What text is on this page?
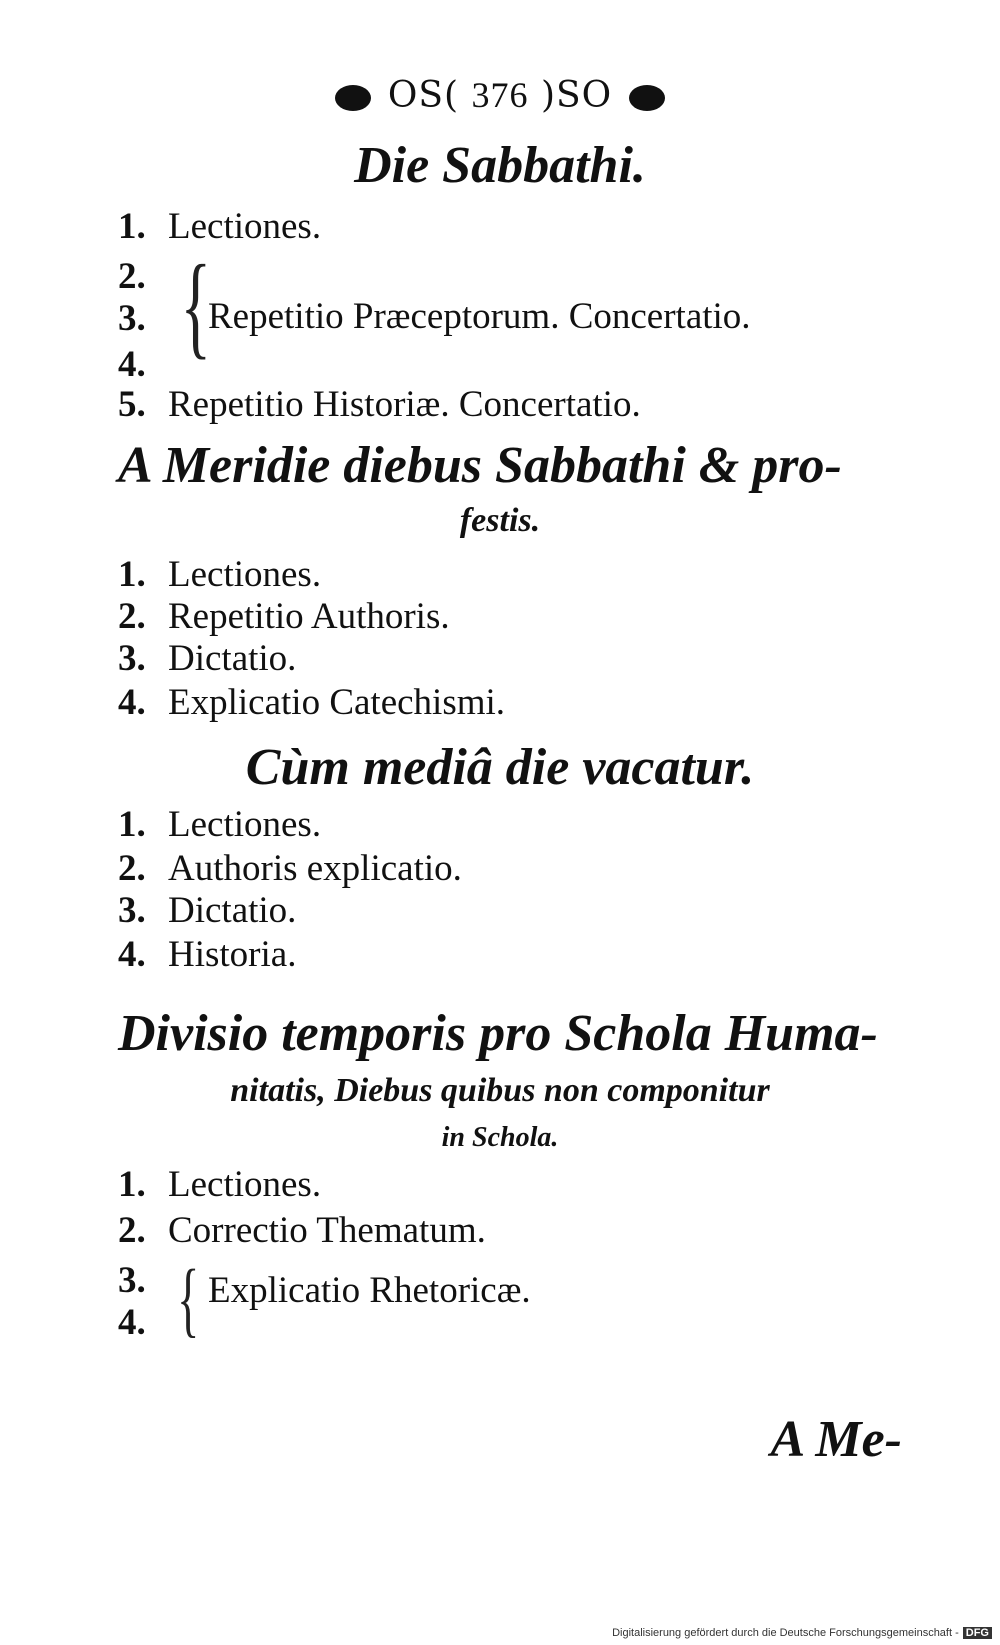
OS( 376 )SO
Die Sabbathi.
1. Lectiones.
2.
3.
4. {
Repetitio Præceptorum. Concertatio.
5. Repetitio Historiæ. Concertatio.
A Meridie diebus Sabbathi & pro-
festis.
1. Lectiones.
2. Repetitio Authoris.
3. Dictatio.
4. Explicatio Catechismi.
Cùm mediâ die vacatur.
1. Lectiones.
2. Authoris explicatio.
3. Dictatio.
4. Historia.
Divisio temporis pro Schola Huma-
nitatis, Diebus quibus non componitur
in Schola.
1. Lectiones.
2. Correctio Thematum.
3.
4. { Explicatio Rhetoricæ.
A Me-
Digitalisierung gefördert durch die Deutsche Forschungsgemeinschaft - DFG
